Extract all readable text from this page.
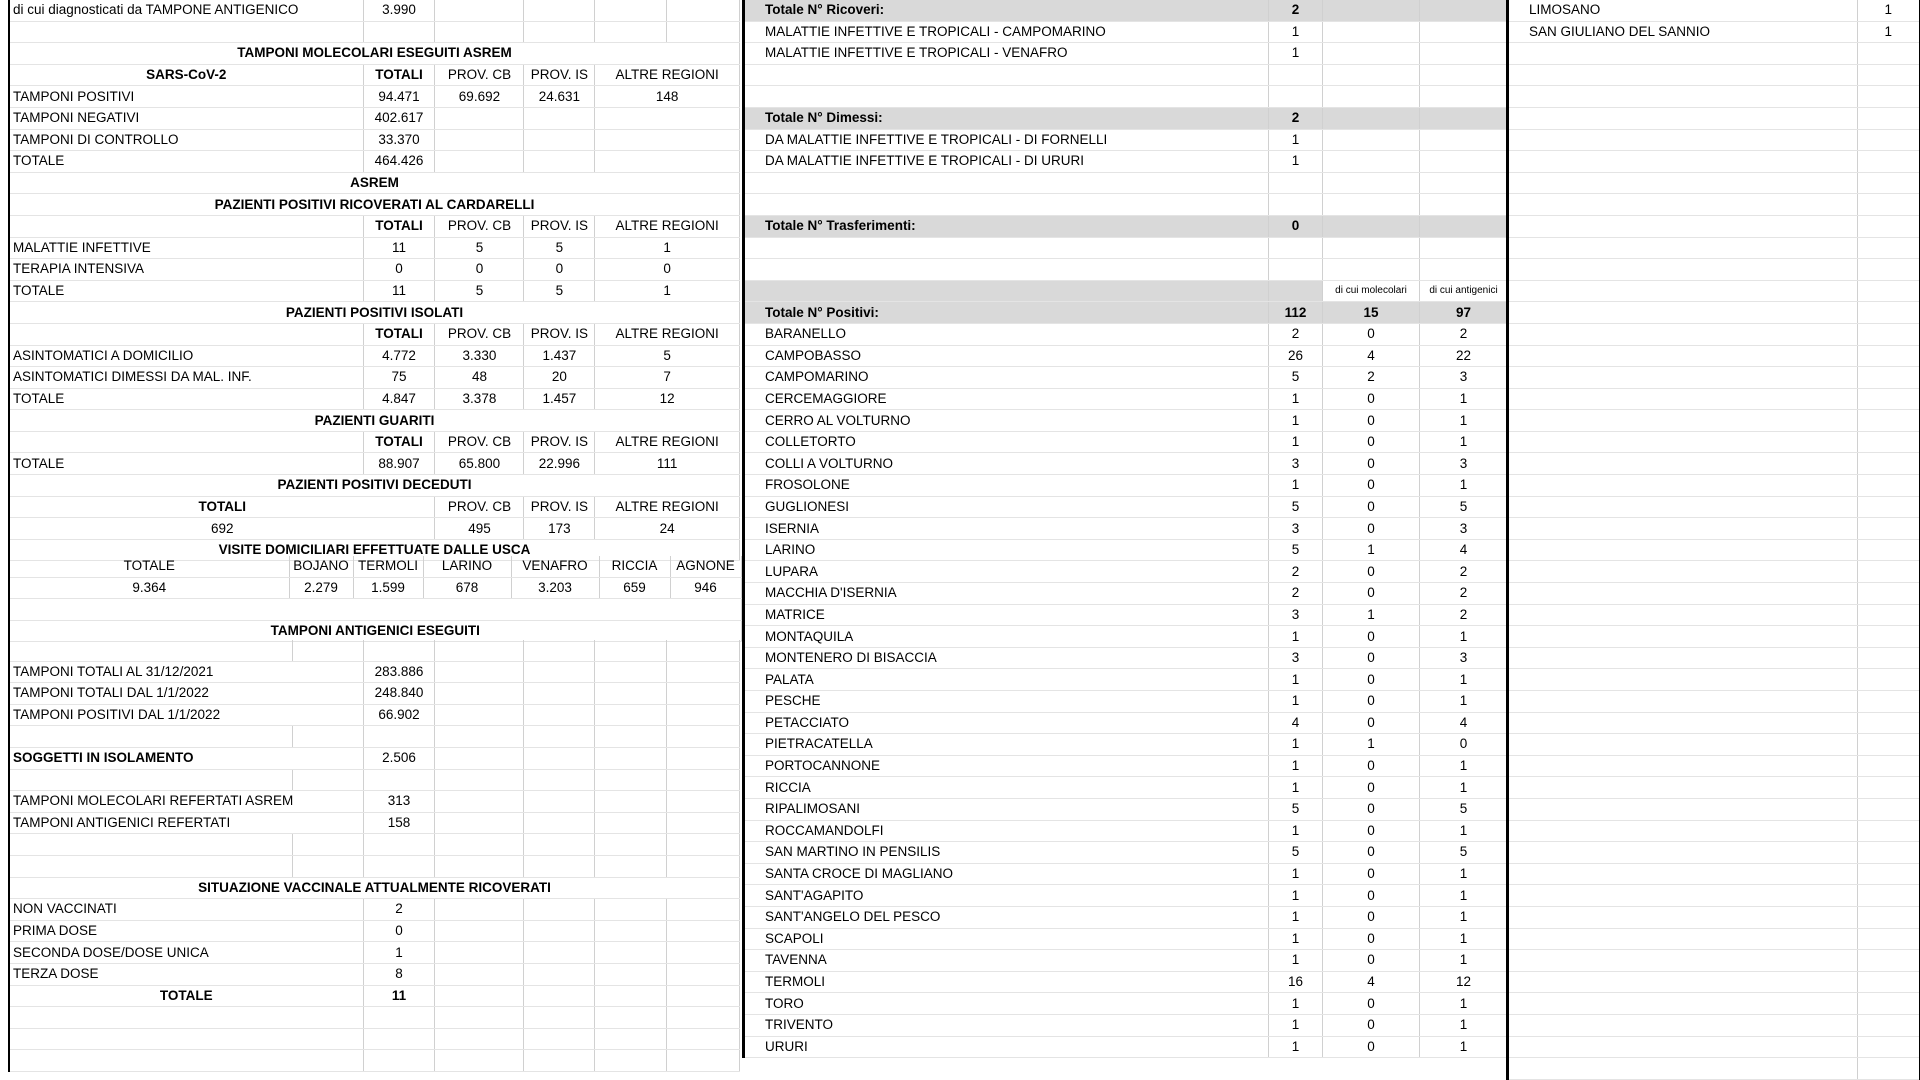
di cui diagnosticati da TAMPONE ANTIGENICO	3.990				

TAMPONI MOLECOLARI ESEGUITI ASREM					
SARS-CoV-2	TOTALI	PROV. CB	PROV. IS	ALTRE REGIONI	
TAMPONI POSITIVI	94.471	69.692	24.631	148	
TAMPONI NEGATIVI	402.617				
TAMPONI DI CONTROLLO	33.370				
TOTALE	464.426				
ASREM					
PAZIENTI POSITIVI RICOVERATI AL CARDARELLI					
	TOTALI	PROV. CB	PROV. IS	ALTRE REGIONI	
MALATTIE INFETTIVE	11	5	5	1	
TERAPIA INTENSIVA	0	0	0	0	
TOTALE	11	5	5	1	
PAZIENTI POSITIVI ISOLATI					
	TOTALI	PROV. CB	PROV. IS	ALTRE REGIONI	
ASINTOMATICI A DOMICILIO	4.772	3.330	1.437	5	
ASINTOMATICI DIMESSI DA MAL. INF.	75	48	20	7	
TOTALE	4.847	3.378	1.457	12	
PAZIENTI GUARITI					
	TOTALI	PROV. CB	PROV. IS	ALTRE REGIONI	
TOTALE	88.907	65.800	22.996	111	
PAZIENTI POSITIVI DECEDUTI					
TOTALI		PROV. CB	PROV. IS	ALTRE REGIONI	
692		495	173	24	
VISITE DOMICILIARI EFFETTUATE DALLE USCA					
TOTALE	BOJANO	TERMOLI	LARINO	VENAFRO	RICCIA	AGNONE
9.364	2.279	1.599	678	3.203	659	946

TAMPONI ANTIGENICI ESEGUITI						

TAMPONI TOTALI AL 31/12/2021		283.886				
TAMPONI TOTALI DAL 1/1/2022		248.840				
TAMPONI POSITIVI DAL 1/1/2022		66.902				

SOGGETTI IN ISOLAMENTO		2.506				

TAMPONI MOLECOLARI REFERTATI ASREM		313				
TAMPONI ANTIGENICI REFERTATI		158				

SITUAZIONE VACCINALE ATTUALMENTE RICOVERATI						
NON VACCINATI		2				
PRIMA DOSE		0				
SECONDA DOSE/DOSE UNICA		1				
TERZA DOSE		8				
TOTALE		11				

Totale N° Ricoveri:	2		
MALATTIE INFETTIVE E TROPICALI - CAMPOMARINO	1		
MALATTIE INFETTIVE E TROPICALI - VENAFRO	1		

Totale N° Dimessi:	2		
DA MALATTIE INFETTIVE E TROPICALI - DI FORNELLI	1		
DA MALATTIE INFETTIVE E TROPICALI - DI URURI	1		

Totale N° Trasferimenti:	0		

		di cui molecolari	di cui antigenici
Totale N° Positivi:	112	15	97
BARANELLO	2	0	2
CAMPOBASSO	26	4	22
CAMPOMARINO	5	2	3
CERCEMAGGIORE	1	0	1
CERRO AL VOLTURNO	1	0	1
COLLETORTO	1	0	1
COLLI A VOLTURNO	3	0	3
FROSOLONE	1	0	1
GUGLIONESI	5	0	5
ISERNIA	3	0	3
LARINO	5	1	4
LUPARA	2	0	2
MACCHIA D'ISERNIA	2	0	2
MATRICE	3	1	2
MONTAQUILA	1	0	1
MONTENERO DI BISACCIA	3	0	3
PALATA	1	0	1
PESCHE	1	0	1
PETACCIATO	4	0	4
PIETRACATELLA	1	1	0
PORTOCANNONE	1	0	1
RICCIA	1	0	1
RIPALIMOSANI	5	0	5
ROCCAMANDOLFI	1	0	1
SAN MARTINO IN PENSILIS	5	0	5
SANTA CROCE DI MAGLIANO	1	0	1
SANT'AGAPITO	1	0	1
SANT'ANGELO DEL PESCO	1	0	1
SCAPOLI	1	0	1
TAVENNA	1	0	1
TERMOLI	16	4	12
TORO	1	0	1
TRIVENTO	1	0	1
URURI	1	0	1
LIMOSANO	1
SAN GIULIANO DEL SANNIO	1
